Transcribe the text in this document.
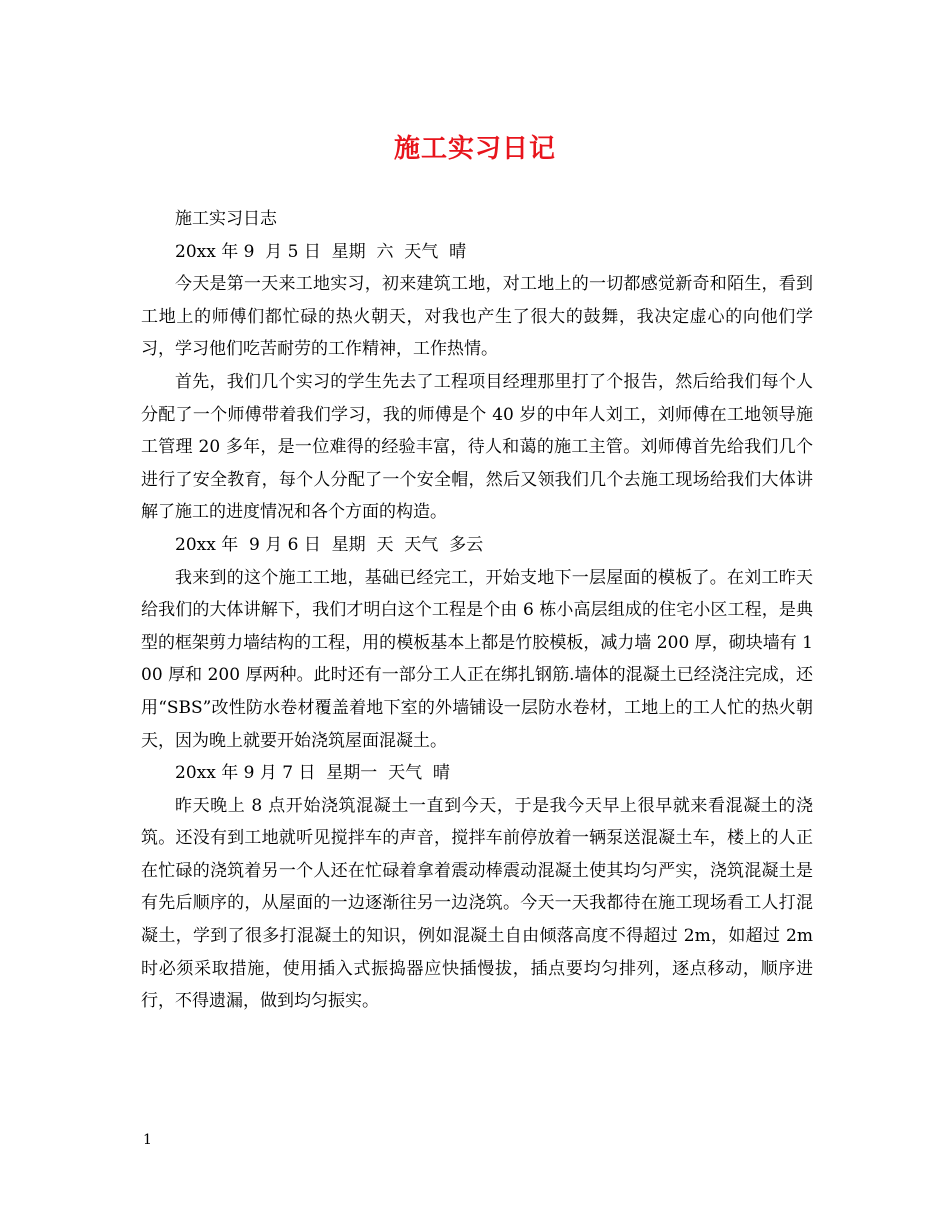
施工实习日记

施工实习日志

20xx 年 9  月 5 日  星期  六  天气  晴

今天是第一天来工地实习，初来建筑工地，对工地上的一切都感觉新奇和陌生，看到工地上的师傅们都忙碌的热火朝天，对我也产生了很大的鼓舞，我决定虚心的向他们学习，学习他们吃苦耐劳的工作精神，工作热情。

首先，我们几个实习的学生先去了工程项目经理那里打了个报告，然后给我们每个人分配了一个师傅带着我们学习，我的师傅是个 40 岁的中年人刘工，刘师傅在工地领导施工管理 20 多年，是一位难得的经验丰富，待人和蔼的施工主管。刘师傅首先给我们几个进行了安全教育，每个人分配了一个安全帽，然后又领我们几个去施工现场给我们大体讲解了施工的进度情况和各个方面的构造。

20xx 年  9 月 6 日  星期  天  天气  多云

我来到的这个施工工地，基础已经完工，开始支地下一层屋面的模板了。在刘工昨天给我们的大体讲解下，我们才明白这个工程是个由 6 栋小高层组成的住宅小区工程，是典型的框架剪力墙结构的工程，用的模板基本上都是竹胶模板，减力墙 200 厚，砌块墙有 100 厚和 200 厚两种。此时还有一部分工人正在绑扎钢筋.墙体的混凝土已经浇注完成，还用“SBS”改性防水卷材覆盖着地下室的外墙铺设一层防水卷材，工地上的工人忙的热火朝天，因为晚上就要开始浇筑屋面混凝土。

20xx 年 9 月 7 日  星期一  天气  晴

昨天晚上 8 点开始浇筑混凝土一直到今天，于是我今天早上很早就来看混凝土的浇筑。还没有到工地就听见搅拌车的声音，搅拌车前停放着一辆泵送混凝土车，楼上的人正在忙碌的浇筑着另一个人还在忙碌着拿着震动棒震动混凝土使其均匀严实，浇筑混凝土是有先后顺序的，从屋面的一边逐渐往另一边浇筑。今天一天我都待在施工现场看工人打混凝土，学到了很多打混凝土的知识，例如混凝土自由倾落高度不得超过 2m，如超过 2m 时必须采取措施，使用插入式振捣器应快插慢拔，插点要均匀排列，逐点移动，顺序进行，不得遗漏，做到均匀振实。

1
